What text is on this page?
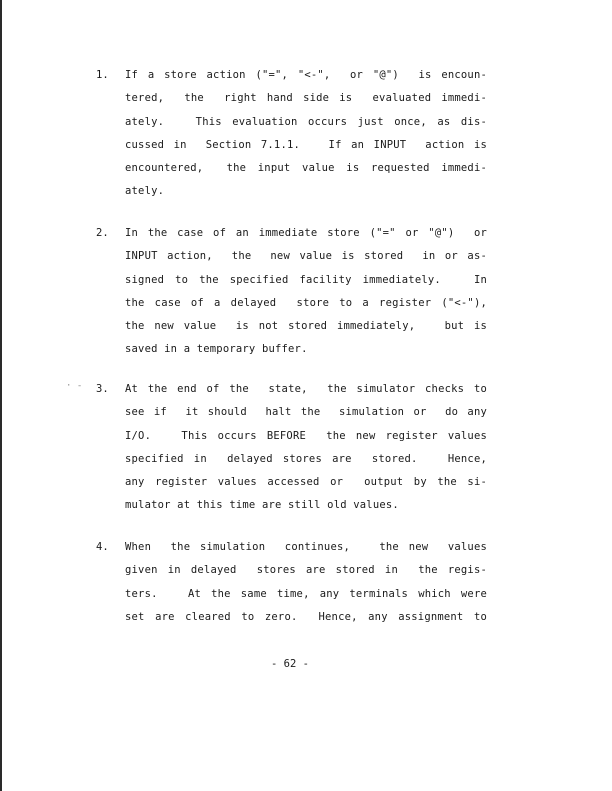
· -
1. If a store action ("=", "<-",  or "@")  is encoun-
tered,  the  right hand side is  evaluated immedi-
ately.   This evaluation occurs just once, as dis-
cussed in  Section 7.1.1.   If an INPUT  action is
encountered,  the input value is requested immedi-
ately.
2. In the case of an immediate store ("=" or "@")  or
INPUT action,  the  new value is stored  in or as-
signed to the specified facility immediately.   In
the case of a delayed  store to a register ("<-"),
the new value  is not stored immediately,   but is
saved in a temporary buffer.
3. At the end of the  state,  the simulator checks to
see if  it should  halt the  simulation or  do any
I/O.   This occurs BEFORE  the new register values
specified in  delayed stores are  stored.   Hence,
any register values accessed or  output by the si-
mulator at this time are still old values.
4. When  the simulation  continues,   the new  values
given in delayed  stores are stored in  the regis-
ters.   At the same time, any terminals which were
set are cleared to zero.  Hence, any assignment to
- 62 -
